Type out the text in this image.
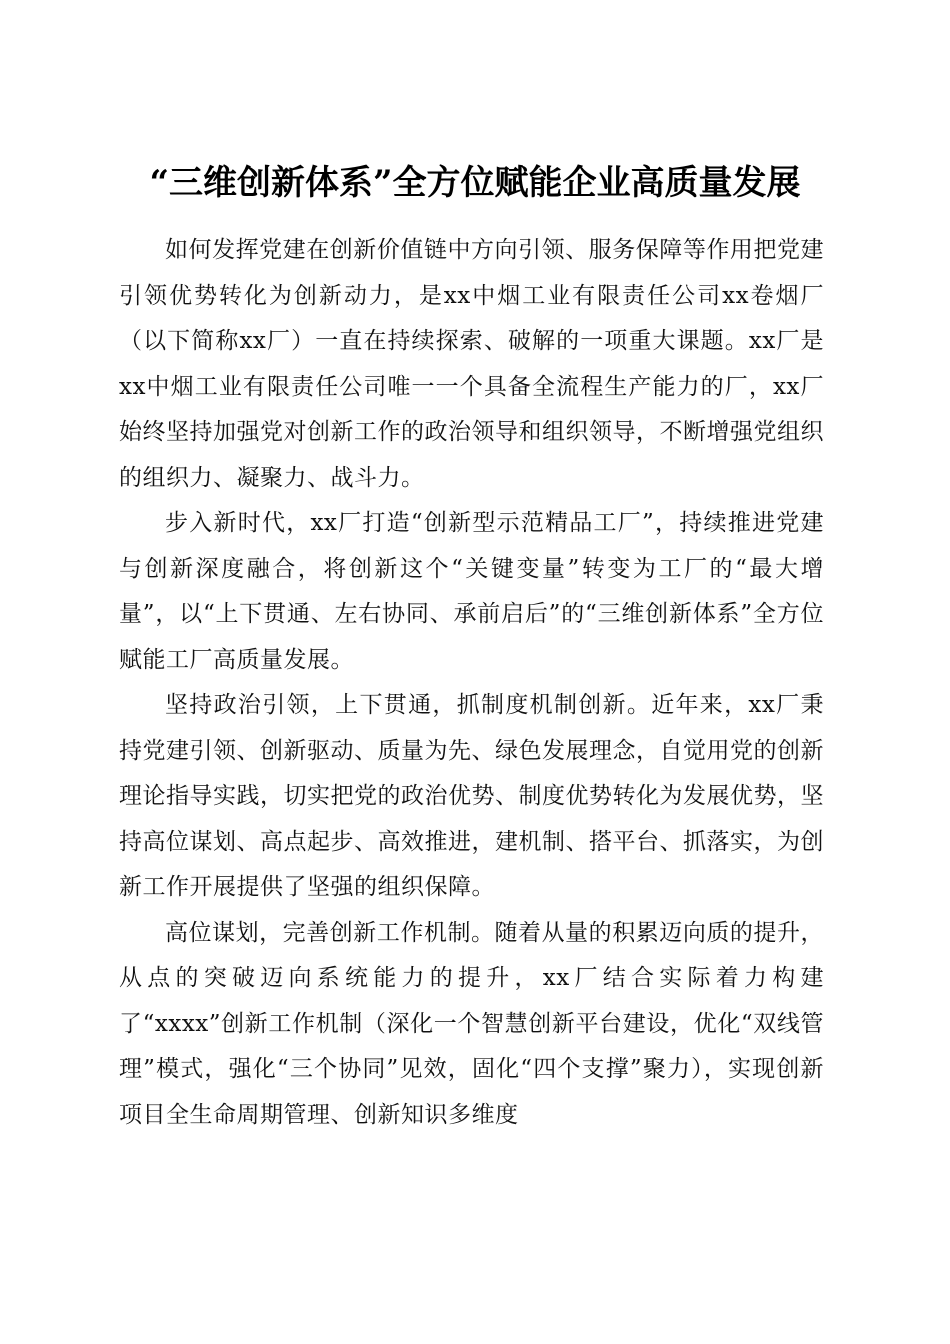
“三维创新体系”全方位赋能企业高质量发展

如何发挥党建在创新价值链中方向引领、服务保障等作用把党建引领优势转化为创新动力，是xx中烟工业有限责任公司xx卷烟厂（以下简称xx厂）一直在持续探索、破解的一项重大课题。xx厂是xx中烟工业有限责任公司唯一一个具备全流程生产能力的厂，xx厂始终坚持加强党对创新工作的政治领导和组织领导，不断增强党组织的组织力、凝聚力、战斗力。

步入新时代，xx厂打造“创新型示范精品工厂”，持续推进党建与创新深度融合，将创新这个“关键变量”转变为工厂的“最大增量”，以“上下贯通、左右协同、承前启后”的“三维创新体系”全方位赋能工厂高质量发展。

坚持政治引领，上下贯通，抓制度机制创新。近年来，xx厂秉持党建引领、创新驱动、质量为先、绿色发展理念，自觉用党的创新理论指导实践，切实把党的政治优势、制度优势转化为发展优势，坚持高位谋划、高点起步、高效推进，建机制、搭平台、抓落实，为创新工作开展提供了坚强的组织保障。

高位谋划，完善创新工作机制。随着从量的积累迈向质的提升，从点的突破迈向系统能力的提升，xx厂结合实际着力构建了“xxxx”创新工作机制（深化一个智慧创新平台建设，优化“双线管理”模式，强化“三个协同”见效，固化“四个支撑”聚力），实现创新项目全生命周期管理、创新知识多维度
